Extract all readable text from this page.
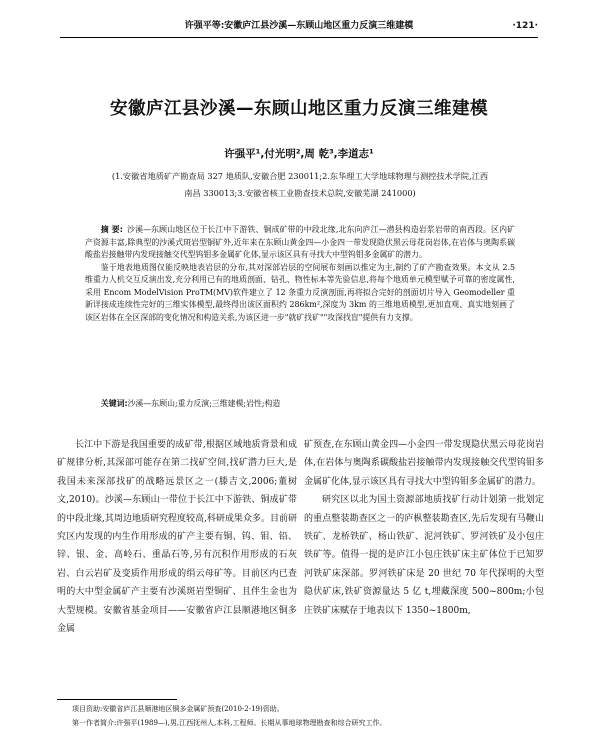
许强平等:安徽庐江县沙溪—东顾山地区重力反演三维建模	·121·
安徽庐江县沙溪—东顾山地区重力反演三维建模
许强平¹,付光明²,周 乾³,李道志¹
(1.安徽省地质矿产勘查局 327 地质队,安徽合肥 230011;2.东华理工大学地球物理与测控技术学院,江西
南昌 330013;3.安徽省核工业勘查技术总院,安徽芜湖 241000)

摘 要: 沙溪—东顾山地区位于长江中下游铁、铜成矿带的中段北缘,北东向庐江—潜县构造岩浆岩带的南西段。区内矿产资源丰富,除典型的沙溪式斑岩型铜矿外,近年来在东顾山黄金四—小金四一带发现隐伏黑云母花岗岩体,在岩体与奥陶系碳酸盐岩接触带内发现接触交代型钨钼多金属矿化体,显示该区具有寻找大中型钨钼多金属矿的潜力。

鉴于地表地质图仅能反映地表岩层的分布,其对深部岩层的空间展布刻画以推定为主,制约了矿产勘查效果。本文从 2.5 维重力人机交互反演出发,充分利用已有的地质剖面、钻孔、物性标本等先验信息,将每个地质单元模型赋予可靠的密度属性,采用 Encom ModelVision ProTM(MV)软件建立了 12 条重力反演剖面,再将拟合完好的剖面切片导入 Geomodeller 重新详接成连续性完好的三维实体模型,最终得出该区面积约 286km²,深度为 3km 的三维地质模型,更加直观、真实地刻画了该区岩体在全区深部的变化情况和构造关系,为该区进一步"就矿找矿""攻深找盲"提供有力支撑。

关键词:沙溪—东顾山;重力反演;三维建模;岩性;构造

长江中下游是我国重要的成矿带,根据区域地质背景和成矿规律分析,其深部可能存在第二找矿空间,找矿潜力巨大,是我国未来深部找矿的战略远景区之一(滕吉文,2006;董树文,2010)。沙溪—东顾山一带位于长江中下游铁、铜成矿带的中段北缘,其周边地质研究程度较高,科研成果众多。目前研究区内发现的内生作用形成的矿产主要有铜、钨、钼、铅、锌、银、金、高岭石、重晶石等,另有沉积作用形成的石灰岩、白云岩矿及变质作用形成的绢云母矿等。目前区内已查明的大中型金属矿产主要有沙溪斑岩型铜矿、且伴生金也为大型规模。安徽省基金项目——安徽省庐江县顺港地区铜多金属

矿预查,在东顾山黄金四—小金四一带发现隐伏黑云母花岗岩体,在岩体与奥陶系碳酸盐岩接触带内发现接触交代型钨钼多金属矿化体,显示该区具有寻找大中型钨钼多金属矿的潜力。

研究区以北为国土资源部地质找矿行动计划第一批划定的重点整装勘查区之一的庐枞整装勘查区,先后发现有马鞭山铁矿、龙桥铁矿、杨山铁矿、泥河铁矿、罗河铁矿及小包庄铁矿等。值得一提的是庐江小包庄铁矿床主矿体位于已知罗河铁矿床深部。罗河铁矿床是 20 世纪 70 年代探明的大型隐伏矿床,铁矿资源量达 5 亿 t,埋藏深度 500~800m;小包庄铁矿床赋存于地表以下 1350~1800m,

项目资助:安徽省庐江县顺港地区铜多金属矿预查(2010-2-19)资助。
第一作者简介:许强平(1989—),男,江西抚州人,本科,工程师。长期从事地球物理勘查和综合研究工作。
